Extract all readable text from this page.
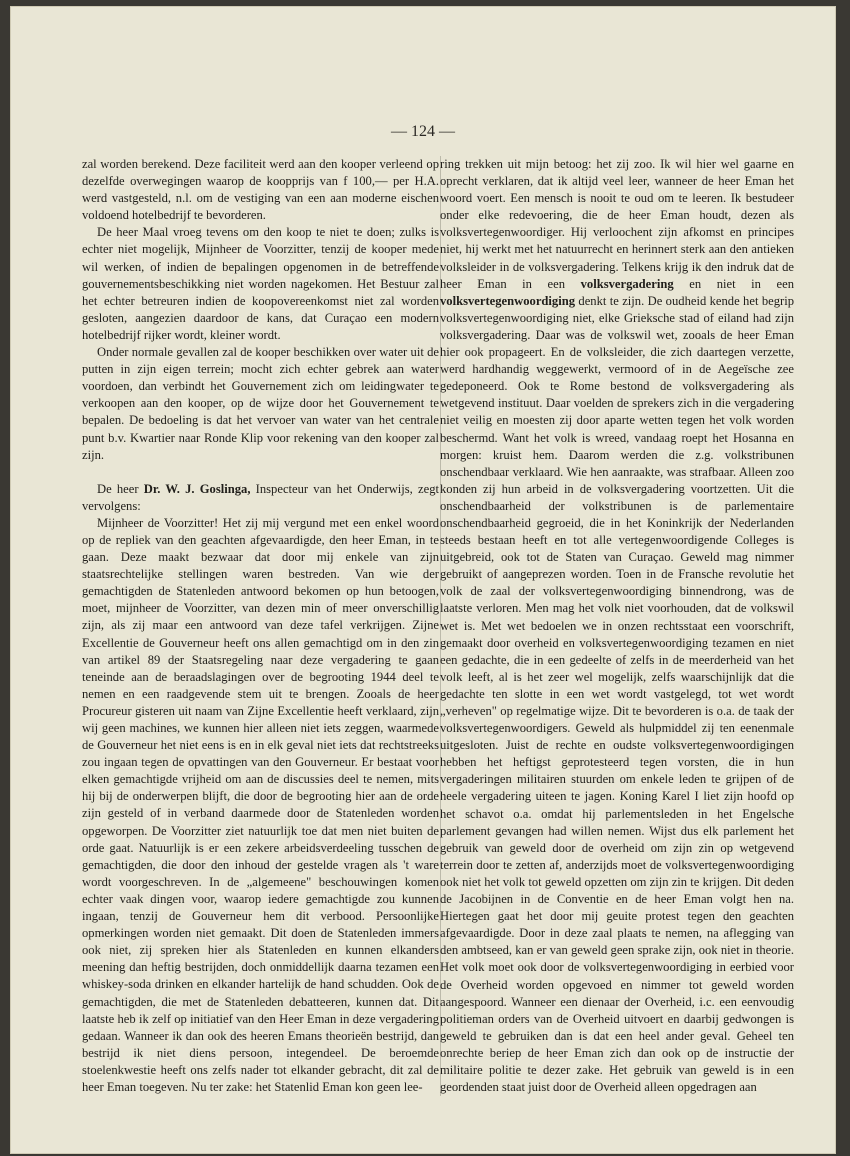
— 124 —

zal worden berekend. Deze faciliteit werd aan den kooper verleend op dezelfde overwegingen waarop de koopprijs van f 100,— per H.A. werd vastgesteld, n.l. om de vestiging van een aan moderne eischen voldoend hotelbedrijf te bevorderen.

De heer Maal vroeg tevens om den koop te niet te doen; zulks is echter niet mogelijk, Mijnheer de Voorzitter, tenzij de kooper mede wil werken, of indien de bepalingen opgenomen in de betreffende gouvernementsbeschikking niet worden nagekomen. Het Bestuur zal het echter betreuren indien de koopovereenkomst niet zal worden gesloten, aangezien daardoor de kans, dat Curaçao een modern hotelbedrijf rijker wordt, kleiner wordt.

Onder normale gevallen zal de kooper beschikken over water uit de putten in zijn eigen terrein; mocht zich echter gebrek aan water voordoen, dan verbindt het Gouvernement zich om leidingwater te verkoopen aan den kooper, op de wijze door het Gouvernement te bepalen. De bedoeling is dat het vervoer van water van het centrale punt b.v. Kwartier naar Ronde Klip voor rekening van den kooper zal zijn.

De heer Dr. W. J. Goslinga, Inspecteur van het Onderwijs, zegt vervolgens:

Mijnheer de Voorzitter! Het zij mij vergund met een enkel woord op de repliek van den geachten afgevaardigde, den heer Eman, in te gaan. Deze maakt bezwaar dat door mij enkele van zijn staatsrechtelijke stellingen waren bestreden. Van wie der gemachtigden de Statenleden antwoord bekomen op hun betoogen, moet, mijnheer de Voorzitter, van dezen min of meer onverschillig zijn, als zij maar een antwoord van deze tafel verkrijgen. Zijne Excellentie de Gouverneur heeft ons allen gemachtigd om in den zin van artikel 89 der Staatsregeling naar deze vergadering te gaan teneinde aan de beraadslagingen over de begrooting 1944 deel te nemen en een raadgevende stem uit te brengen. Zooals de heer Procureur gisteren uit naam van Zijne Excellentie heeft verklaard, zijn wij geen machines, we kunnen hier alleen niet iets zeggen, waarmede de Gouverneur het niet eens is en in elk geval niet iets dat rechtstreeks zou ingaan tegen de opvattingen van den Gouverneur. Er bestaat voor elken gemachtigde vrijheid om aan de discussies deel te nemen, mits hij bij de onderwerpen blijft, die door de begrooting hier aan de orde zijn gesteld of in verband daarmede door de Statenleden worden opgeworpen. De Voorzitter ziet natuurlijk toe dat men niet buiten de orde gaat. Natuurlijk is er een zekere arbeidsverdeeling tusschen de gemachtigden, die door den inhoud der gestelde vragen als 't ware wordt voorgeschreven. In de „algemeene" beschouwingen komen echter vaak dingen voor, waarop iedere gemachtigde zou kunnen ingaan, tenzij de Gouverneur hem dit verbood. Persoonlijke opmerkingen worden niet gemaakt. Dit doen de Statenleden immers ook niet, zij spreken hier als Statenleden en kunnen elkanders meening dan heftig bestrijden, doch onmiddellijk daarna tezamen een whiskey-soda drinken en elkander hartelijk de hand schudden. Ook de gemachtigden, die met de Statenleden debatteeren, kunnen dat. Dit laatste heb ik zelf op initiatief van den Heer Eman in deze vergadering gedaan. Wanneer ik dan ook des heeren Emans theorieën bestrijd, dan bestrijd ik niet diens persoon, integendeel. De beroemde stoelenkwestie heeft ons zelfs nader tot elkander gebracht, dit zal de heer Eman toegeven. Nu ter zake: het Statenlid Eman kon geen lee-

ring trekken uit mijn betoog: het zij zoo. Ik wil hier wel gaarne en oprecht verklaren, dat ik altijd veel leer, wanneer de heer Eman het woord voert. Een mensch is nooit te oud om te leeren. Ik bestudeer onder elke redevoering, die de heer Eman houdt, dezen als volksvertegenwoordiger. Hij verloochent zijn afkomst en principes niet, hij werkt met het natuurrecht en herinnert sterk aan den antieken volksleider in de volksvergadering. Telkens krijg ik den indruk dat de heer Eman in een volksvergadering en niet in een volksvertegenwoordiging denkt te zijn. De oudheid kende het begrip volksvertegenwoordiging niet, elke Grieksche stad of eiland had zijn volksvergadering. Daar was de volkswil wet, zooals de heer Eman hier ook propageert. En de volksleider, die zich daartegen verzette, werd hardhandig weggewerkt, vermoord of in de Aegeïsche zee gedeponeerd. Ook te Rome bestond de volksvergadering als wetgevend instituut. Daar voelden de sprekers zich in die vergadering niet veilig en moesten zij door aparte wetten tegen het volk worden beschermd. Want het volk is wreed, vandaag roept het Hosanna en morgen: kruist hem. Daarom werden die z.g. volkstribunen onschendbaar verklaard. Wie hen aanraakte, was strafbaar. Alleen zoo konden zij hun arbeid in de volksvergadering voortzetten. Uit die onschendbaarheid der volkstribunen is de parlementaire onschendbaarheid gegroeid, die in het Koninkrijk der Nederlanden steeds bestaan heeft en tot alle vertegenwoordigende Colleges is uitgebreid, ook tot de Staten van Curaçao. Geweld mag nimmer gebruikt of aangeprezen worden. Toen in de Fransche revolutie het volk de zaal der volksvertegenwoordiging binnendrong, was de laatste verloren. Men mag het volk niet voorhouden, dat de volkswil wet is. Met wet bedoelen we in onzen rechtsstaat een voorschrift, gemaakt door overheid en volksvertegenwoordiging tezamen en niet een gedachte, die in een gedeelte of zelfs in de meerderheid van het volk leeft, al is het zeer wel mogelijk, zelfs waarschijnlijk dat die gedachte ten slotte in een wet wordt vastgelegd, tot wet wordt „verheven" op regelmatige wijze. Dit te bevorderen is o.a. de taak der volksvertegenwoordigers. Geweld als hulpmiddel zij ten eenenmale uitgesloten. Juist de rechte en oudste volksvertegenwoordigingen hebben het heftigst geprotesteerd tegen vorsten, die in hun vergaderingen militairen stuurden om enkele leden te grijpen of de heele vergadering uiteen te jagen. Koning Karel I liet zijn hoofd op het schavot o.a. omdat hij parlementsleden in het Engelsche parlement gevangen had willen nemen. Wijst dus elk parlement het gebruik van geweld door de overheid om zijn zin op wetgevend terrein door te zetten af, anderzijds moet de volksvertegenwoordiging ook niet het volk tot geweld opzetten om zijn zin te krijgen. Dit deden de Jacobijnen in de Conventie en de heer Eman volgt hen na. Hiertegen gaat het door mij geuite protest tegen den geachten afgevaardigde. Door in deze zaal plaats te nemen, na aflegging van den ambtseed, kan er van geweld geen sprake zijn, ook niet in theorie. Het volk moet ook door de volksvertegenwoordiging in eerbied voor de Overheid worden opgevoed en nimmer tot geweld worden aangespoord. Wanneer een dienaar der Overheid, i.c. een eenvoudig politieman orders van de Overheid uitvoert en daarbij gedwongen is geweld te gebruiken dan is dat een heel ander geval. Geheel ten onrechte beriep de heer Eman zich dan ook op de instructie der militaire politie te dezer zake. Het gebruik van geweld is in een geordenden staat juist door de Overheid alleen opgedragen aan
